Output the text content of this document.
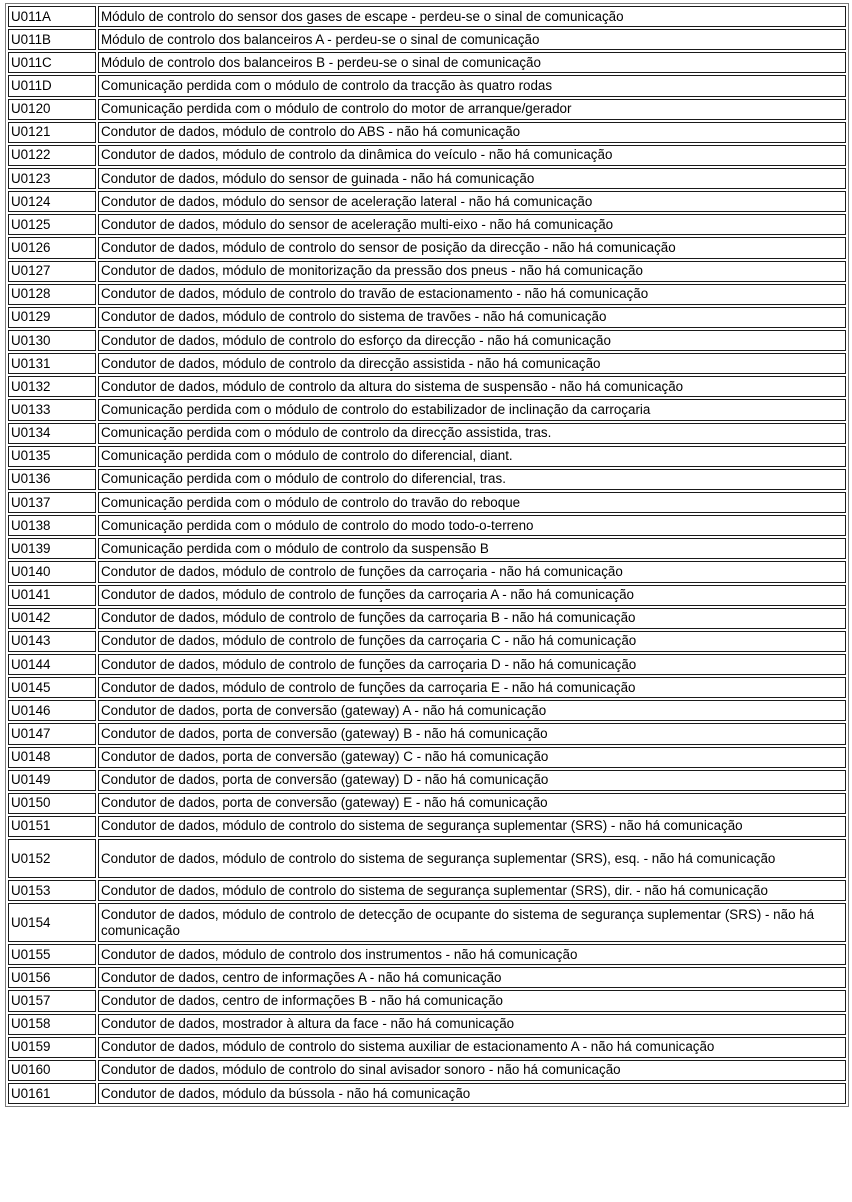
U011A	Módulo de controlo do sensor dos gases de escape - perdeu-se o sinal de comunicação
U011B	Módulo de controlo dos balanceiros A - perdeu-se o sinal de comunicação
U011C	Módulo de controlo dos balanceiros B - perdeu-se o sinal de comunicação
U011D	Comunicação perdida com o módulo de controlo da tracção às quatro rodas
U0120	Comunicação perdida com o módulo de controlo do motor de arranque/gerador
U0121	Condutor de dados, módulo de controlo do ABS - não há comunicação
U0122	Condutor de dados, módulo de controlo da dinâmica do veículo - não há comunicação
U0123	Condutor de dados, módulo do sensor de guinada - não há comunicação
U0124	Condutor de dados, módulo do sensor de aceleração lateral - não há comunicação
U0125	Condutor de dados, módulo do sensor de aceleração multi-eixo - não há comunicação
U0126	Condutor de dados, módulo de controlo do sensor de posição da direcção - não há comunicação
U0127	Condutor de dados, módulo de monitorização da pressão dos pneus - não há comunicação
U0128	Condutor de dados, módulo de controlo do travão de estacionamento - não há comunicação
U0129	Condutor de dados, módulo de controlo do sistema de travões - não há comunicação
U0130	Condutor de dados, módulo de controlo do esforço da direcção - não há comunicação
U0131	Condutor de dados, módulo de controlo da direcção assistida - não há comunicação
U0132	Condutor de dados, módulo de controlo da altura do sistema de suspensão - não há comunicação
U0133	Comunicação perdida com o módulo de controlo do estabilizador de inclinação da carroçaria
U0134	Comunicação perdida com o módulo de controlo da direcção assistida, tras.
U0135	Comunicação perdida com o módulo de controlo do diferencial, diant.
U0136	Comunicação perdida com o módulo de controlo do diferencial, tras.
U0137	Comunicação perdida com o módulo de controlo do travão do reboque
U0138	Comunicação perdida com o módulo de controlo do modo todo-o-terreno
U0139	Comunicação perdida com o módulo de controlo da suspensão B
U0140	Condutor de dados, módulo de controlo de funções da carroçaria - não há comunicação
U0141	Condutor de dados, módulo de controlo de funções da carroçaria A - não há comunicação
U0142	Condutor de dados, módulo de controlo de funções da carroçaria B - não há comunicação
U0143	Condutor de dados, módulo de controlo de funções da carroçaria C - não há comunicação
U0144	Condutor de dados, módulo de controlo de funções da carroçaria D - não há comunicação
U0145	Condutor de dados, módulo de controlo de funções da carroçaria E - não há comunicação
U0146	Condutor de dados, porta de conversão (gateway) A - não há comunicação
U0147	Condutor de dados, porta de conversão (gateway) B - não há comunicação
U0148	Condutor de dados, porta de conversão (gateway) C - não há comunicação
U0149	Condutor de dados, porta de conversão (gateway) D - não há comunicação
U0150	Condutor de dados, porta de conversão (gateway) E - não há comunicação
U0151	Condutor de dados, módulo de controlo do sistema de segurança suplementar (SRS) - não há comunicação
U0152	Condutor de dados, módulo de controlo do sistema de segurança suplementar (SRS), esq. - não há comunicação
U0153	Condutor de dados, módulo de controlo do sistema de segurança suplementar (SRS), dir. - não há comunicação
U0154	Condutor de dados, módulo de controlo de detecção de ocupante do sistema de segurança suplementar (SRS) - não há comunicação
U0155	Condutor de dados, módulo de controlo dos instrumentos - não há comunicação
U0156	Condutor de dados, centro de informações A - não há comunicação
U0157	Condutor de dados, centro de informações B - não há comunicação
U0158	Condutor de dados, mostrador à altura da face - não há comunicação
U0159	Condutor de dados, módulo de controlo do sistema auxiliar de estacionamento A - não há comunicação
U0160	Condutor de dados, módulo de controlo do sinal avisador sonoro - não há comunicação
U0161	Condutor de dados, módulo da bússola - não há comunicação
